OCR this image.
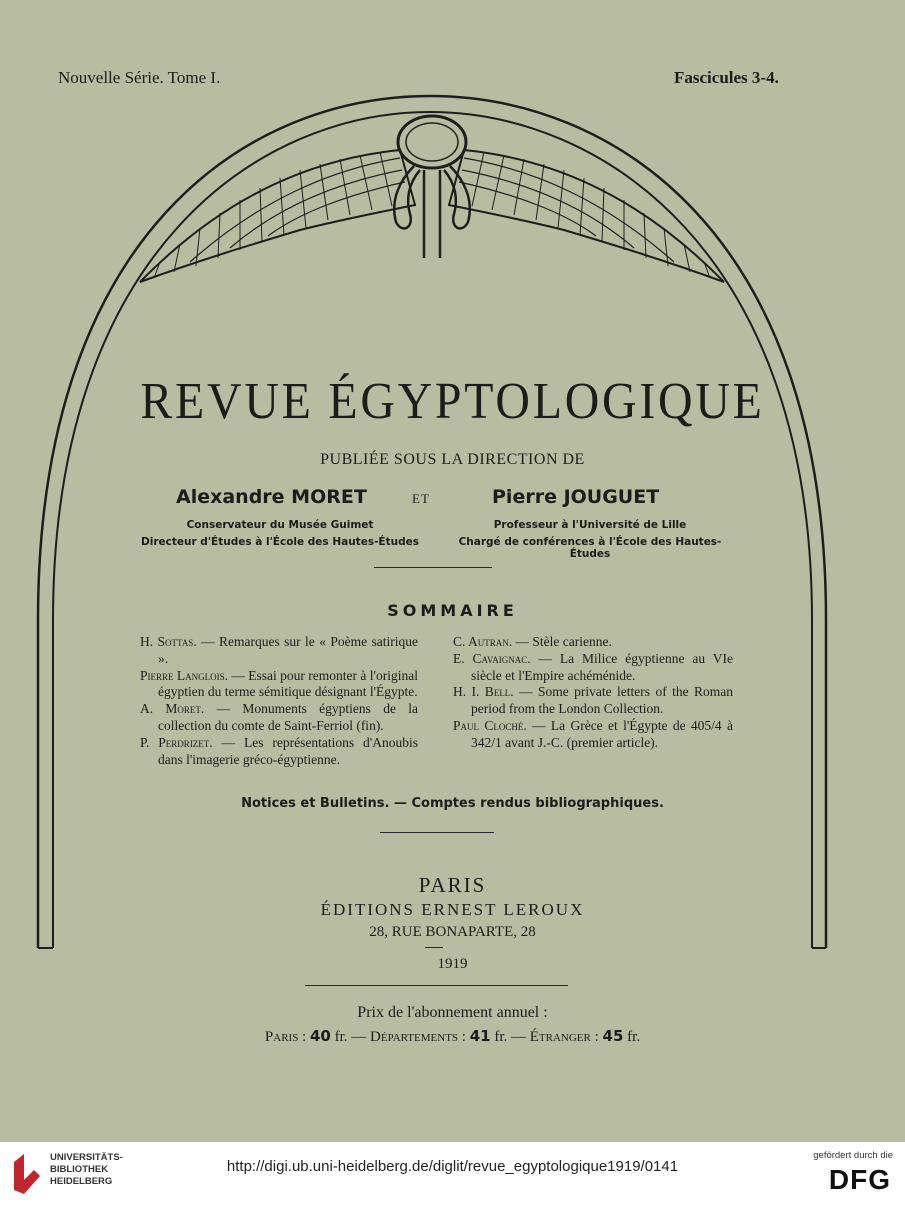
Nouvelle Série. Tome I.	Fascicules 3-4.
REVUE ÉGYPTOLOGIQUE
PUBLIÉE SOUS LA DIRECTION DE
Alexandre MORET	ET	Pierre JOUGUET
Conservateur du Musée Guimet
Directeur d'Études à l'École des Hautes-Études
Professeur à l'Université de Lille
Chargé de conférences à l'École des Hautes-Études
SOMMAIRE
H. Sottas. — Remarques sur le « Poème satirique ».
Pierre Langlois. — Essai pour remonter à l'original égyptien du terme sémitique désignant l'Égypte.
A. Moret. — Monuments égyptiens de la collection du comte de Saint-Ferriol (fin).
P. Perdrizet. — Les représentations d'Anoubis dans l'imagerie gréco-égyptienne.
C. Autran. — Stèle carienne.
E. Cavaignac. — La Milice égyptienne au VIe siècle et l'Empire achéménide.
H. I. Bell. — Some private letters of the Roman period from the London Collection.
Paul Cloché. — La Grèce et l'Égypte de 405/4 à 342/1 avant J.-C. (premier article).
Notices et Bulletins. — Comptes rendus bibliographiques.
PARIS
ÉDITIONS ERNEST LEROUX
28, RUE BONAPARTE, 28
1919
Prix de l'abonnement annuel :
Paris : 40 fr. — Départements : 41 fr. — Étranger : 45 fr.
UNIVERSITÄTS-
BIBLIOTHEK
HEIDELBERG
http://digi.ub.uni-heidelberg.de/diglit/revue_egyptologique1919/0141
gefördert durch die
DFG
